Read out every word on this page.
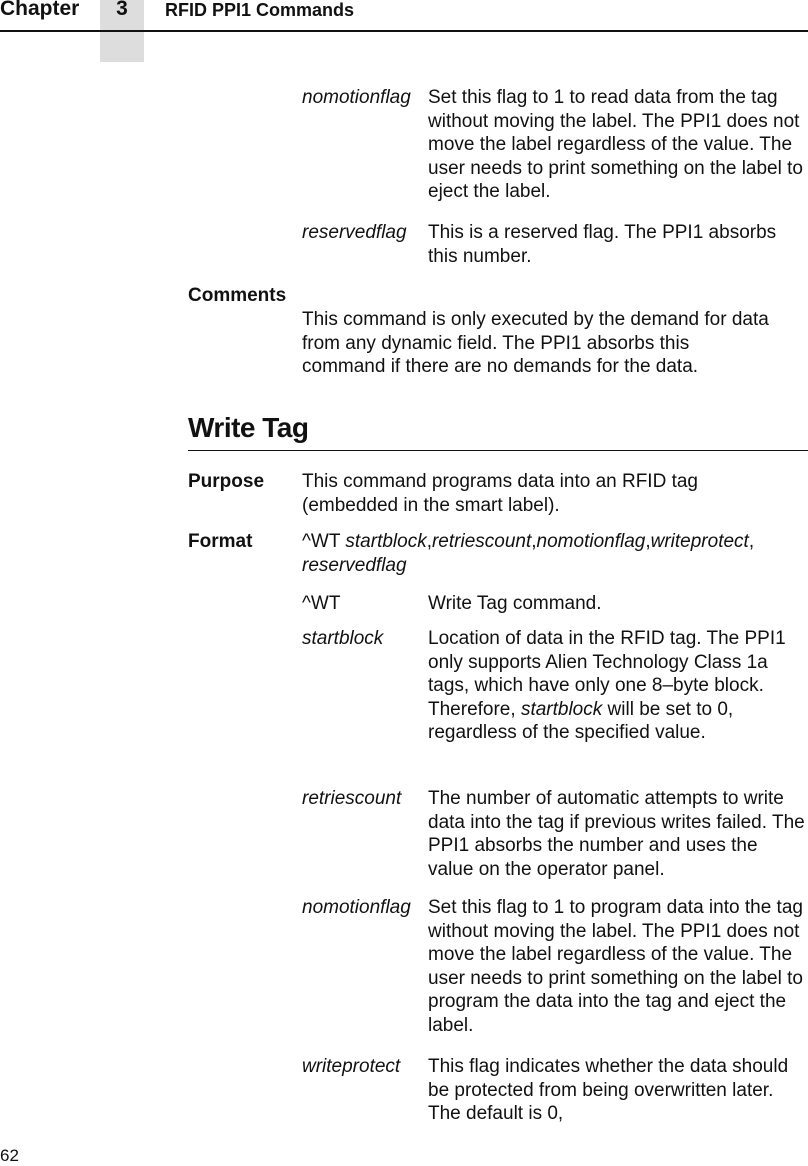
Chapter	3	RFID PPI1 Commands
nomotionflag Set this flag to 1 to read data from the tag without moving the label. The PPI1 does not move the label regardless of the value. The user needs to print something on the label to eject the label.
reservedflag This is a reserved flag. The PPI1 absorbs this number.
Comments
This command is only executed by the demand for data from any dynamic field. The PPI1 absorbs this command if there are no demands for the data.
Write Tag
Purpose This command programs data into an RFID tag (embedded in the smart label).
Format	^WT startblock,retriescount,nomotionflag,writeprotect,
reservedflag
^WT	Write Tag command.
startblock Location of data in the RFID tag. The PPI1 only supports Alien Technology Class 1a tags, which have only one 8–byte block. Therefore, startblock will be set to 0, regardless of the specified value.
retriescount The number of automatic attempts to write data into the tag if previous writes failed. The PPI1 absorbs the number and uses the value on the operator panel.
nomotionflag Set this flag to 1 to program data into the tag without moving the label. The PPI1 does not move the label regardless of the value. The user needs to print something on the label to program the data into the tag and eject the label.
writeprotect This flag indicates whether the data should be protected from being overwritten later. The default is 0,
62
